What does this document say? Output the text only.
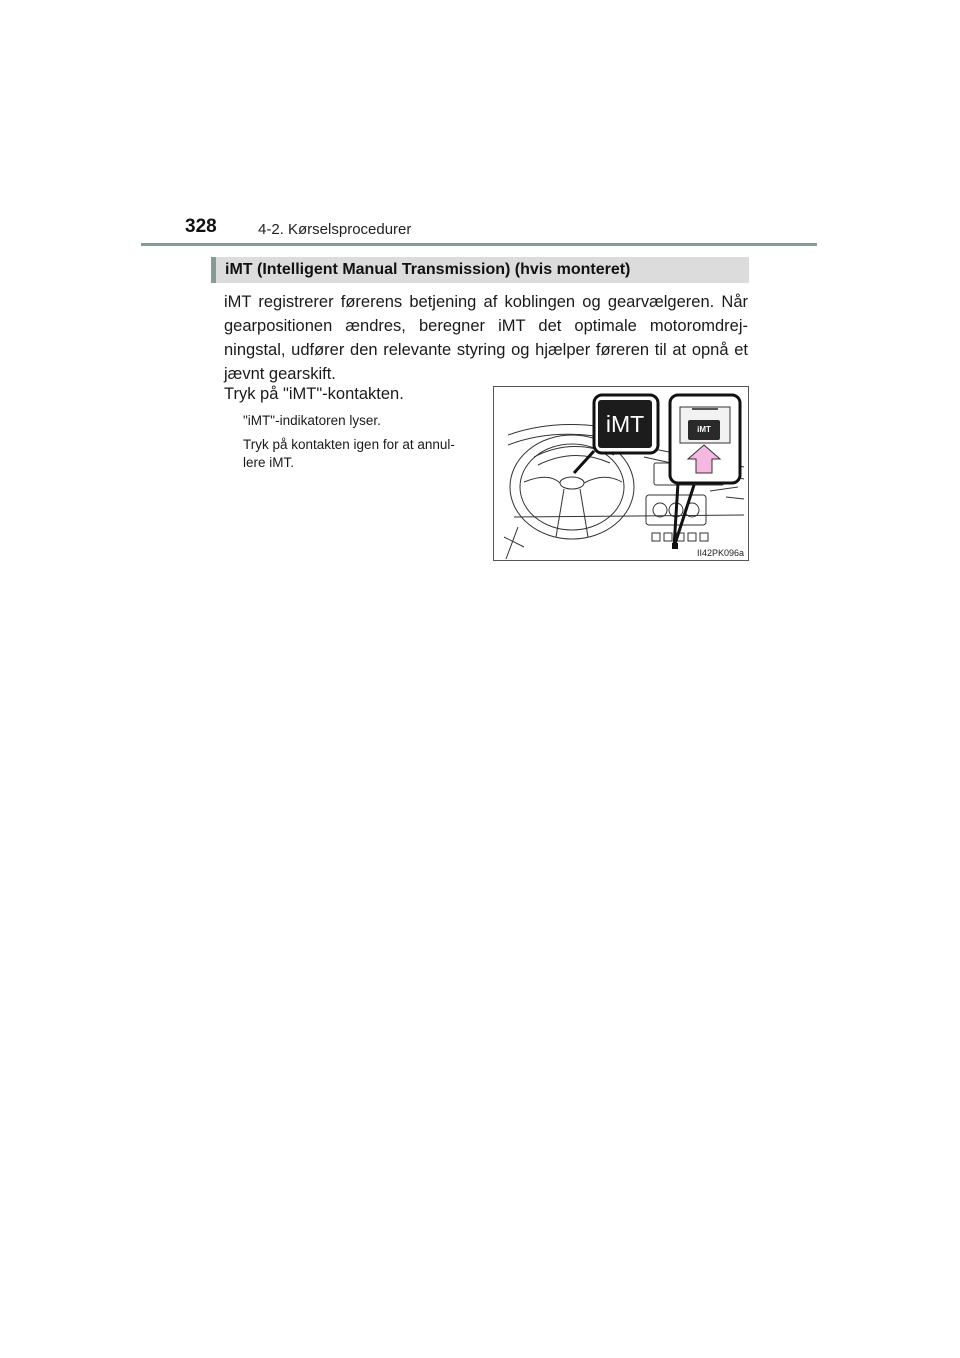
328	4-2. Kørselsprocedurer
iMT (Intelligent Manual Transmission) (hvis monteret)
iMT registrerer førerens betjening af koblingen og gearvælgeren. Når gearpositionen ændres, beregner iMT det optimale motoromdrej-ningstal, udfører den relevante styring og hjælper føreren til at opnå et jævnt gearskift.
Tryk på "iMT"-kontakten.
"iMT"-indikatoren lyser.
Tryk på kontakten igen for at annul-lere iMT.
II42PK096a
iMT	iMT
